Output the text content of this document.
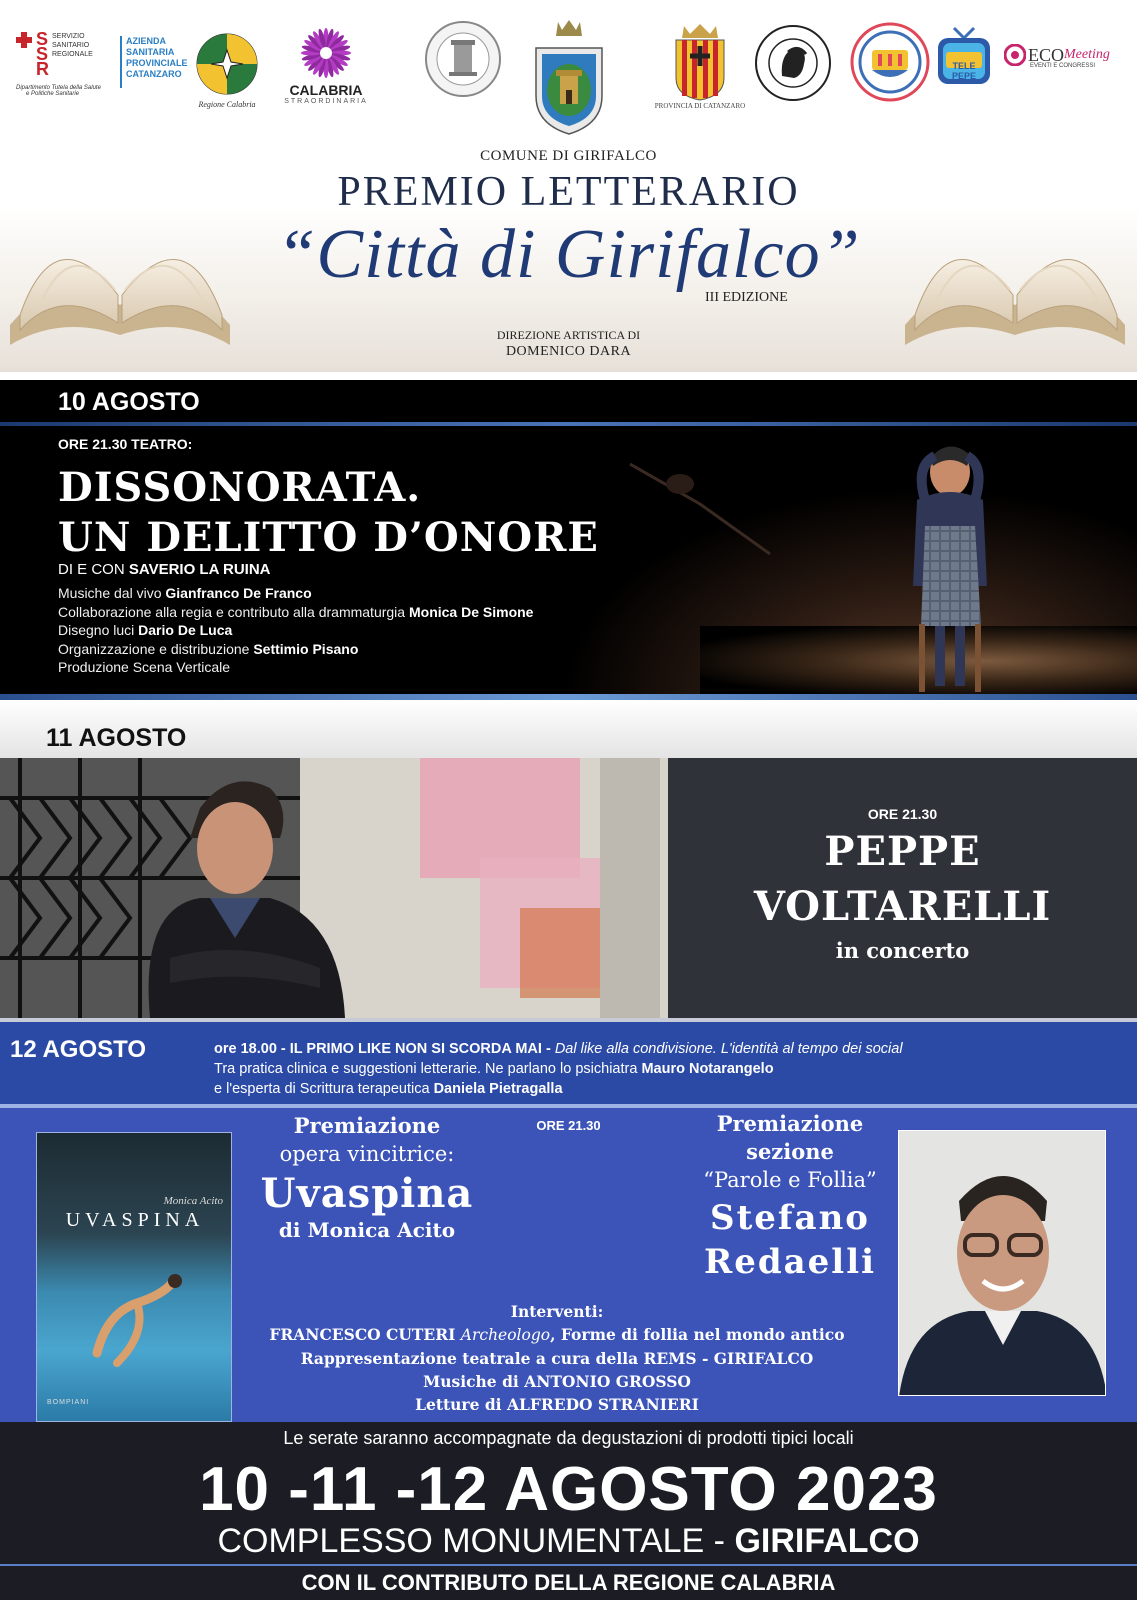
SSR
SERVIZIO
SANITARIO
REGIONALE
Dipartimento Tutela della Salute
e Politiche Sanitarie
AZIENDA
SANITARIA
PROVINCIALE
CATANZARO
Regione Calabria
CALABRIA
STRAORDINARIA
PROVINCIA DI CATANZARO
TELE PEPE
ECO Meeting
EVENTI E CONGRESSI
COMUNE DI GIRIFALCO
PREMIO LETTERARIO
“Città di Girifalco”
III EDIZIONE
DIREZIONE ARTISTICA DI
DOMENICO DARA
10 AGOSTO
ORE 21.30 TEATRO:
DISSONORATA.
UN DELITTO D’ONORE
DI E CON SAVERIO LA RUINA
Musiche dal vivo Gianfranco De Franco
Collaborazione alla regia e contributo alla drammaturgia Monica De Simone
Disegno luci Dario De Luca
Organizzazione e distribuzione Settimio Pisano
Produzione Scena Verticale
11 AGOSTO
ORE 21.30
PEPPE
VOLTARELLI
in concerto
12 AGOSTO	ore 18.00 - IL PRIMO LIKE NON SI SCORDA MAI - Dal like alla condivisione. L'identità al tempo dei social
Tra pratica clinica e suggestioni letterarie. Ne parlano lo psichiatra Mauro Notarangelo
e l'esperta di Scrittura terapeutica Daniela Pietragalla
ORE 21.30
Monica Acito
UVASPINA
BOMPIANI
Premiazione
opera vincitrice:
Uvaspina
di Monica Acito
Premiazione
sezione
“Parole e Follia”
Stefano
Redaelli
Interventi:
FRANCESCO CUTERI Archeologo, Forme di follia nel mondo antico
Rappresentazione teatrale a cura della REMS - GIRIFALCO
Musiche di ANTONIO GROSSO
Letture di ALFREDO STRANIERI
Le serate saranno accompagnate da degustazioni di prodotti tipici locali
10 -11 -12 AGOSTO 2023
COMPLESSO MONUMENTALE - GIRIFALCO
CON IL CONTRIBUTO DELLA REGIONE CALABRIA
